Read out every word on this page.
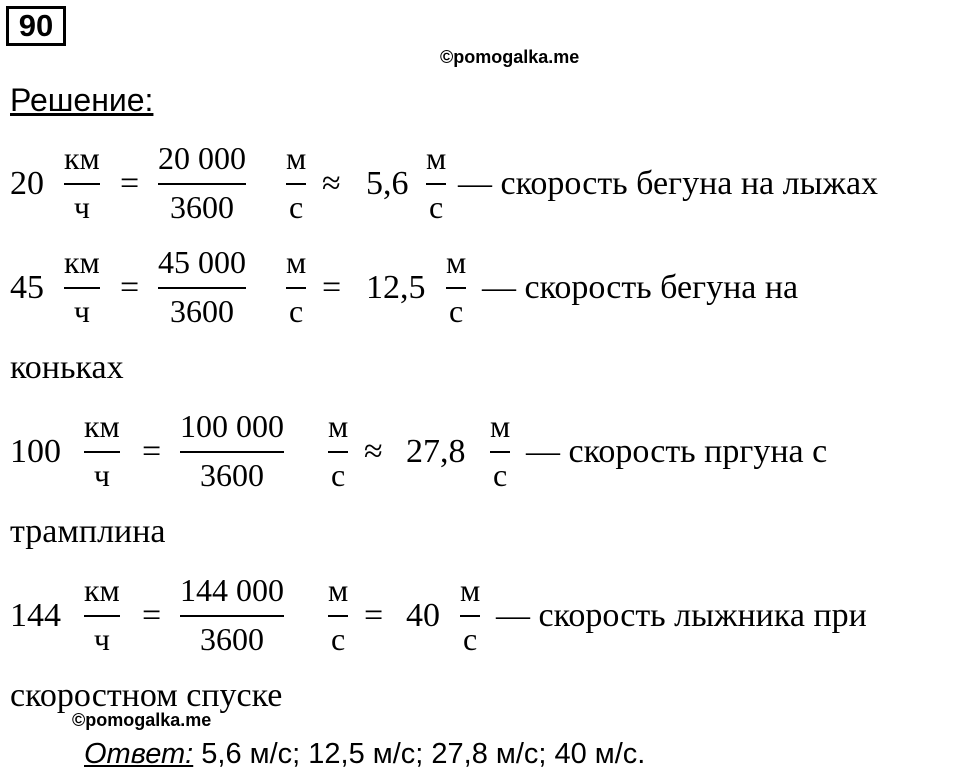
90
©pomogalka.me
Решение:
20
км
ч
=
20 000
3600
м
с
≈ 5,6
м
с
— скорость бегуна на лыжах
45
км
ч
=
45 000
3600
м
с
= 12,5
м
с
— скорость бегуна на
коньках
100
км
ч
=
100 000
3600
м
с
≈ 27,8
м
с
— скорость пргуна с
трамплина
144
км
ч
=
144 000
3600
м
с
= 40
м
с
— скорость лыжника при
скоростном спуске
©pomogalka.me
Ответ: 5,6 м/с; 12,5 м/с; 27,8 м/с; 40 м/с.
